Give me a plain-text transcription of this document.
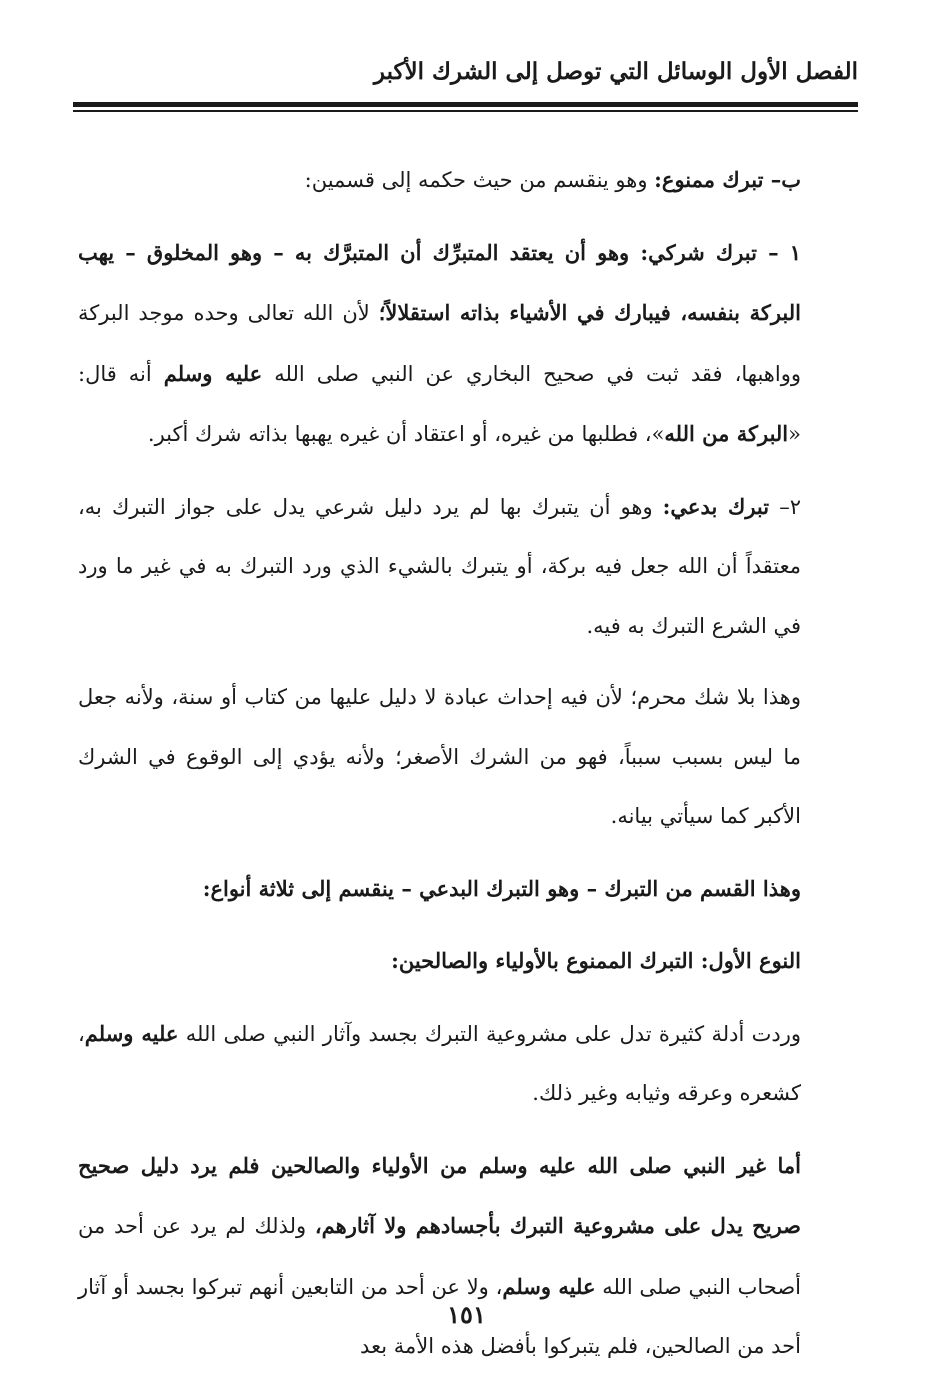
الفصل الأول الوسائل التي توصل إلى الشرك الأكبر

ب– تبرك ممنوع: وهو ينقسم من حيث حكمه إلى قسمين:

١ – تبرك شركي: وهو أن يعتقد المتبرِّك أن المتبرَّك به – وهو المخلوق – يهب البركة بنفسه، فيبارك في الأشياء بذاته استقلالاً؛ لأن الله تعالى وحده موجد البركة وواهبها، فقد ثبت في صحيح البخاري عن النبي صلى الله عليه وسلم أنه قال: «البركة من الله»، فطلبها من غيره، أو اعتقاد أن غيره يهبها بذاته شرك أكبر.

٢– تبرك بدعي: وهو أن يتبرك بها لم يرد دليل شرعي يدل على جواز التبرك به، معتقداً أن الله جعل فيه بركة، أو يتبرك بالشيء الذي ورد التبرك به في غير ما ورد في الشرع التبرك به فيه.

وهذا بلا شك محرم؛ لأن فيه إحداث عبادة لا دليل عليها من كتاب أو سنة، ولأنه جعل ما ليس بسبب سبباً، فهو من الشرك الأصغر؛ ولأنه يؤدي إلى الوقوع في الشرك الأكبر كما سيأتي بيانه.

وهذا القسم من التبرك – وهو التبرك البدعي – ينقسم إلى ثلاثة أنواع:

النوع الأول: التبرك الممنوع بالأولياء والصالحين:

وردت أدلة كثيرة تدل على مشروعية التبرك بجسد وآثار النبي صلى الله عليه وسلم، كشعره وعرقه وثيابه وغير ذلك.

أما غير النبي صلى الله عليه وسلم من الأولياء والصالحين فلم يرد دليل صحيح صريح يدل على مشروعية التبرك بأجسادهم ولا آثارهم، ولذلك لم يرد عن أحد من أصحاب النبي صلى الله عليه وسلم، ولا عن أحد من التابعين أنهم تبركوا بجسد أو آثار أحد من الصالحين، فلم يتبركوا بأفضل هذه الأمة بعد

١٥١
